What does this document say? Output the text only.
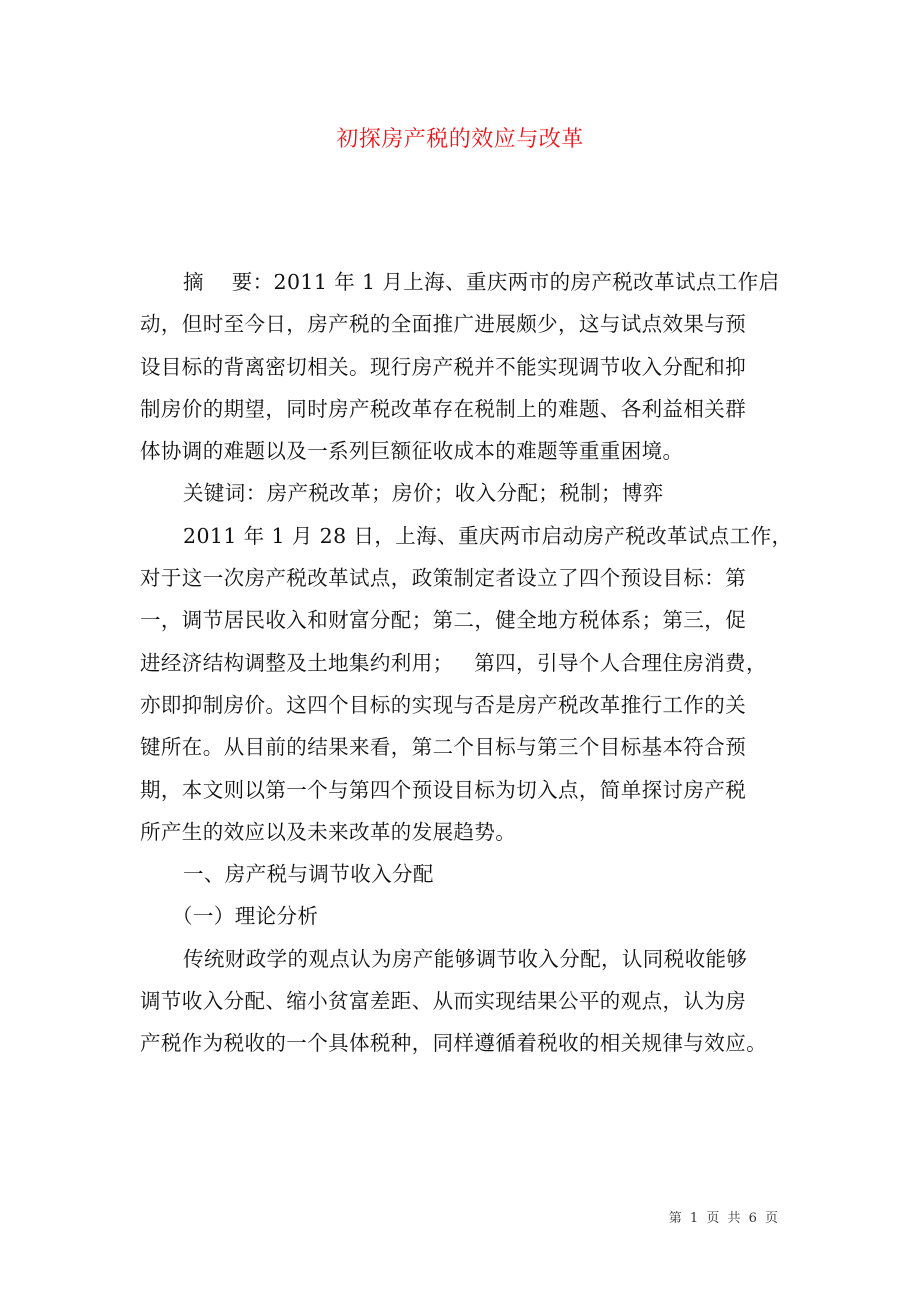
初探房产税的效应与改革
摘　 要：2011 年 1 月上海、重庆两市的房产税改革试点工作启
动，但时至今日，房产税的全面推广进展颇少，这与试点效果与预
设目标的背离密切相关。现行房产税并不能实现调节收入分配和抑
制房价的期望，同时房产税改革存在税制上的难题、各利益相关群
体协调的难题以及一系列巨额征收成本的难题等重重困境。
关键词：房产税改革；房价；收入分配；税制；博弈
2011 年 1 月 28 日，上海、重庆两市启动房产税改革试点工作，
对于这一次房产税改革试点，政策制定者设立了四个预设目标：第
一，调节居民收入和财富分配；第二，健全地方税体系；第三，促
进经济结构调整及土地集约利用；   第四，引导个人合理住房消费，
亦即抑制房价。这四个目标的实现与否是房产税改革推行工作的关
键所在。从目前的结果来看，第二个目标与第三个目标基本符合预
期，本文则以第一个与第四个预设目标为切入点，简单探讨房产税
所产生的效应以及未来改革的发展趋势。
一、房产税与调节收入分配
（一）理论分析
传统财政学的观点认为房产能够调节收入分配，认同税收能够
调节收入分配、缩小贫富差距、从而实现结果公平的观点，认为房
产税作为税收的一个具体税种，同样遵循着税收的相关规律与效应。
第 1 页 共 6 页
